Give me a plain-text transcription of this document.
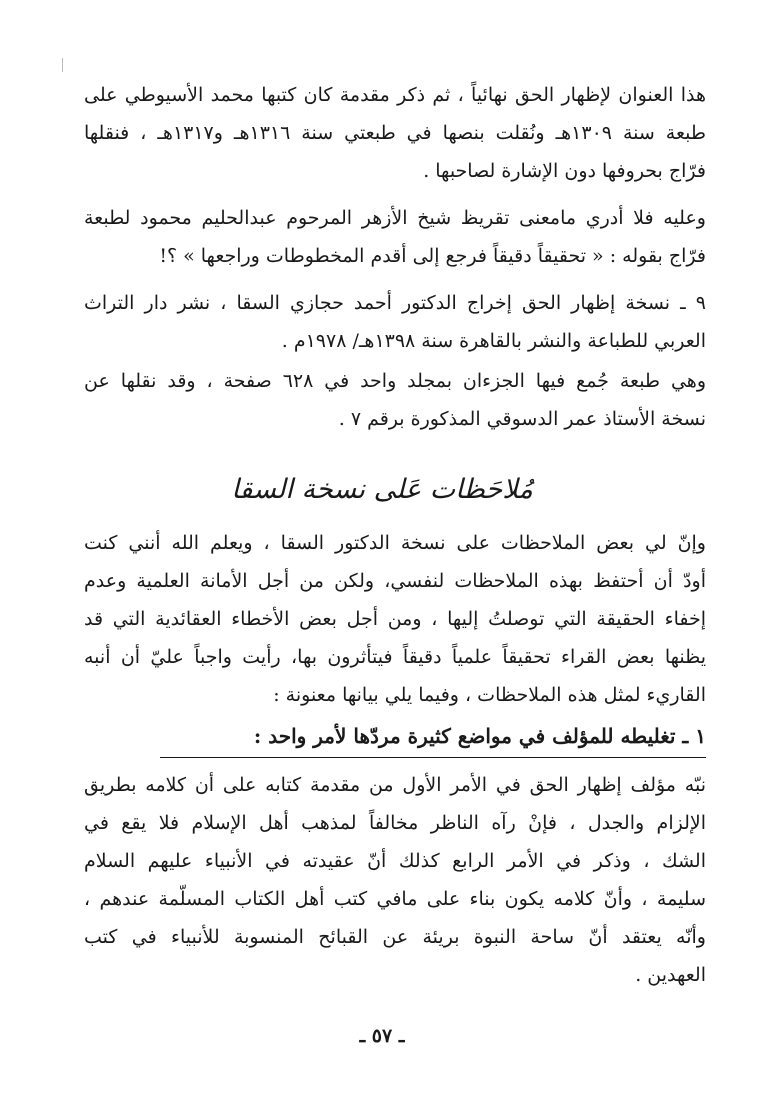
هذا العنوان لإظهار الحق نهائياً ، ثم ذكر مقدمة كان كتبها محمد الأسيوطي على
طبعة سنة ١٣٠٩هـ ونُقلت بنصها في طبعتي سنة ١٣١٦هـ و١٣١٧هـ ، فنقلها
فرّاج بحروفها دون الإشارة لصاحبها .
وعليه فلا أدري مامعنى تقريظ شيخ الأزهر المرحوم عبدالحليم محمود لطبعة
فرّاج بقوله : « تحقيقاً دقيقاً فرجع إلى أقدم المخطوطات وراجعها » ؟!
٩ ـ نسخة إظهار الحق إخراج الدكتور أحمد حجازي السقا ، نشر دار التراث
العربي للطباعة والنشر بالقاهرة سنة ١٣٩٨هـ/ ١٩٧٨م .
وهي طبعة جُمع فيها الجزءان بمجلد واحد في ٦٢٨ صفحة ، وقد نقلها عن
نسخة الأستاذ عمر الدسوقي المذكورة برقم ٧ .
مُلاحَظات عَلى نسخة السقا
وإنّ لي بعض الملاحظات على نسخة الدكتور السقا ، ويعلم الله أنني كنت
أودّ أن أحتفظ بهذه الملاحظات لنفسي، ولكن من أجل الأمانة العلمية وعدم
إخفاء الحقيقة التي توصلتُ إليها ، ومن أجل بعض الأخطاء العقائدية التي قد
يظنها بعض القراء تحقيقاً علمياً دقيقاً فيتأثرون بها، رأيت واجباً عليّ أن أنبه
القاريء لمثل هذه الملاحظات ، وفيما يلي بيانها معنونة :
١ ـ تغليطه للمؤلف في مواضع كثيرة مردّها لأمر واحد :
نبّه مؤلف إظهار الحق في الأمر الأول من مقدمة كتابه على أن كلامه بطريق
الإلزام والجدل ، فإنْ رآه الناظر مخالفاً لمذهب أهل الإسلام فلا يقع في
الشك ، وذكر في الأمر الرابع كذلك أنّ عقيدته في الأنبياء عليهم السلام
سليمة ، وأنّ كلامه يكون بناء على مافي كتب أهل الكتاب المسلّمة عندهم ،
وأنّه يعتقد أنّ ساحة النبوة بريئة عن القبائح المنسوبة للأنبياء في كتب
العهدين .
ـ ٥٧ ـ
